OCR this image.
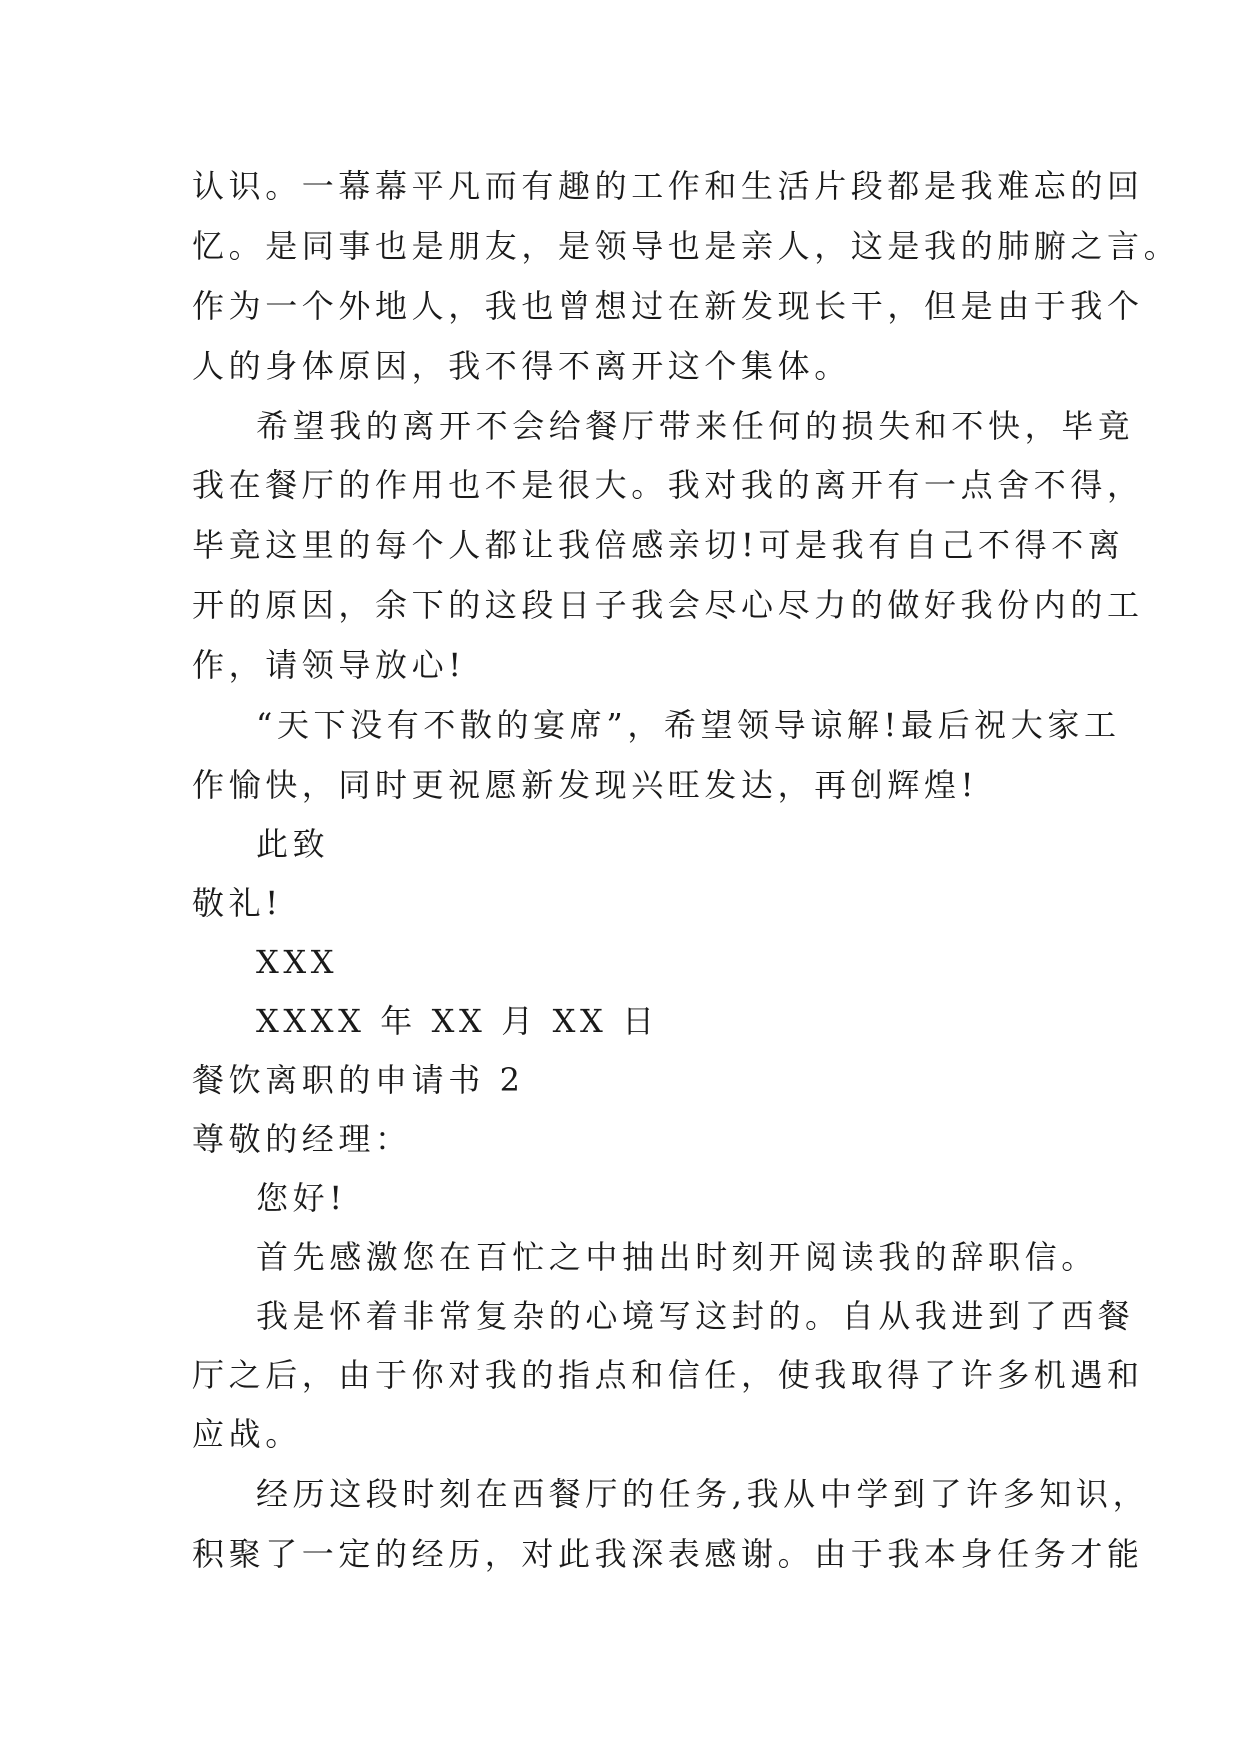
认识。一幕幕平凡而有趣的工作和生活片段都是我难忘的回
忆。是同事也是朋友，是领导也是亲人，这是我的肺腑之言。
作为一个外地人，我也曾想过在新发现长干，但是由于我个
人的身体原因，我不得不离开这个集体。
希望我的离开不会给餐厅带来任何的损失和不快，毕竟
我在餐厅的作用也不是很大。我对我的离开有一点舍不得，
毕竟这里的每个人都让我倍感亲切!可是我有自己不得不离
开的原因，余下的这段日子我会尽心尽力的做好我份内的工
作，请领导放心!
“天下没有不散的宴席”，希望领导谅解!最后祝大家工
作愉快，同时更祝愿新发现兴旺发达，再创辉煌!
此致
敬礼!
XXX
XXXX 年 XX 月 XX 日
餐饮离职的申请书 2
尊敬的经理：
您好!
首先感激您在百忙之中抽出时刻开阅读我的辞职信。
我是怀着非常复杂的心境写这封的。自从我进到了西餐
厅之后，由于你对我的指点和信任，使我取得了许多机遇和
应战。
经历这段时刻在西餐厅的任务,我从中学到了许多知识，
积聚了一定的经历，对此我深表感谢。由于我本身任务才能
